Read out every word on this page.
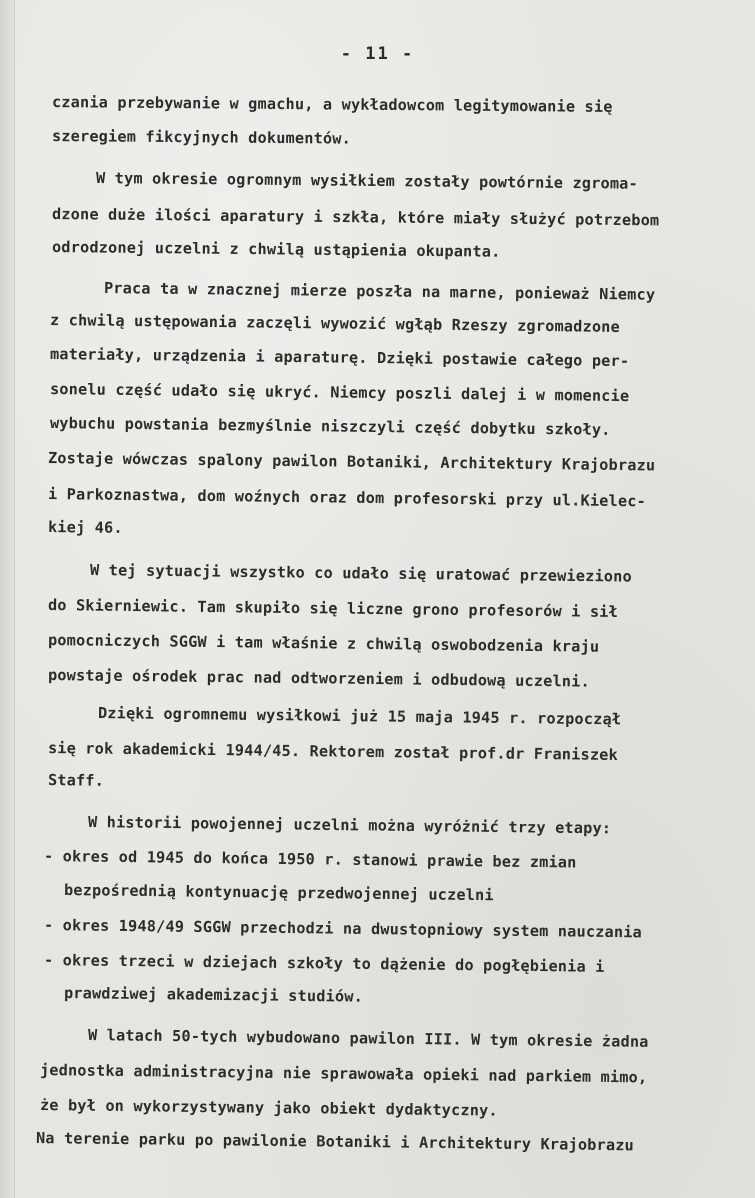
- 11 -
czania przebywanie w gmachu, a wykładowcom legitymowanie się
szeregiem fikcyjnych dokumentów.
W tym okresie ogromnym wysiłkiem zostały powtórnie zgroma-
dzone duże ilości aparatury i szkła, które miały służyć potrzebom
odrodzonej uczelni z chwilą ustąpienia okupanta.
Praca ta w znacznej mierze poszła na marne, ponieważ Niemcy
z chwilą ustępowania zaczęli wywozić wgłąb Rzeszy zgromadzone
materiały, urządzenia i aparaturę. Dzięki postawie całego per-
sonelu część udało się ukryć. Niemcy poszli dalej i w momencie
wybuchu powstania bezmyślnie niszczyli część dobytku szkoły.
Zostaje wówczas spalony pawilon Botaniki, Architektury Krajobrazu
i Parkoznastwa, dom woźnych oraz dom profesorski przy ul.Kielec-
kiej 46.
W tej sytuacji wszystko co udało się uratować przewieziono
do Skierniewic. Tam skupiło się liczne grono profesorów i sił
pomocniczych SGGW i tam właśnie z chwilą oswobodzenia kraju
powstaje ośrodek prac nad odtworzeniem i odbudową uczelni.
Dzięki ogromnemu wysiłkowi już 15 maja 1945 r. rozpoczął
się rok akademicki 1944/45. Rektorem został prof.dr Franiszek
Staff.
W historii powojennej uczelni można wyróżnić trzy etapy:
- okres od 1945 do końca 1950 r. stanowi prawie bez zmian
bezpośrednią kontynuację przedwojennej uczelni
- okres 1948/49 SGGW przechodzi na dwustopniowy system nauczania
- okres trzeci w dziejach szkoły to dążenie do pogłębienia i
prawdziwej akademizacji studiów.
W latach 50-tych wybudowano pawilon III. W tym okresie żadna
jednostka administracyjna nie sprawowała opieki nad parkiem mimo,
że był on wykorzystywany jako obiekt dydaktyczny.
Na terenie parku po pawilonie Botaniki i Architektury Krajobrazu
